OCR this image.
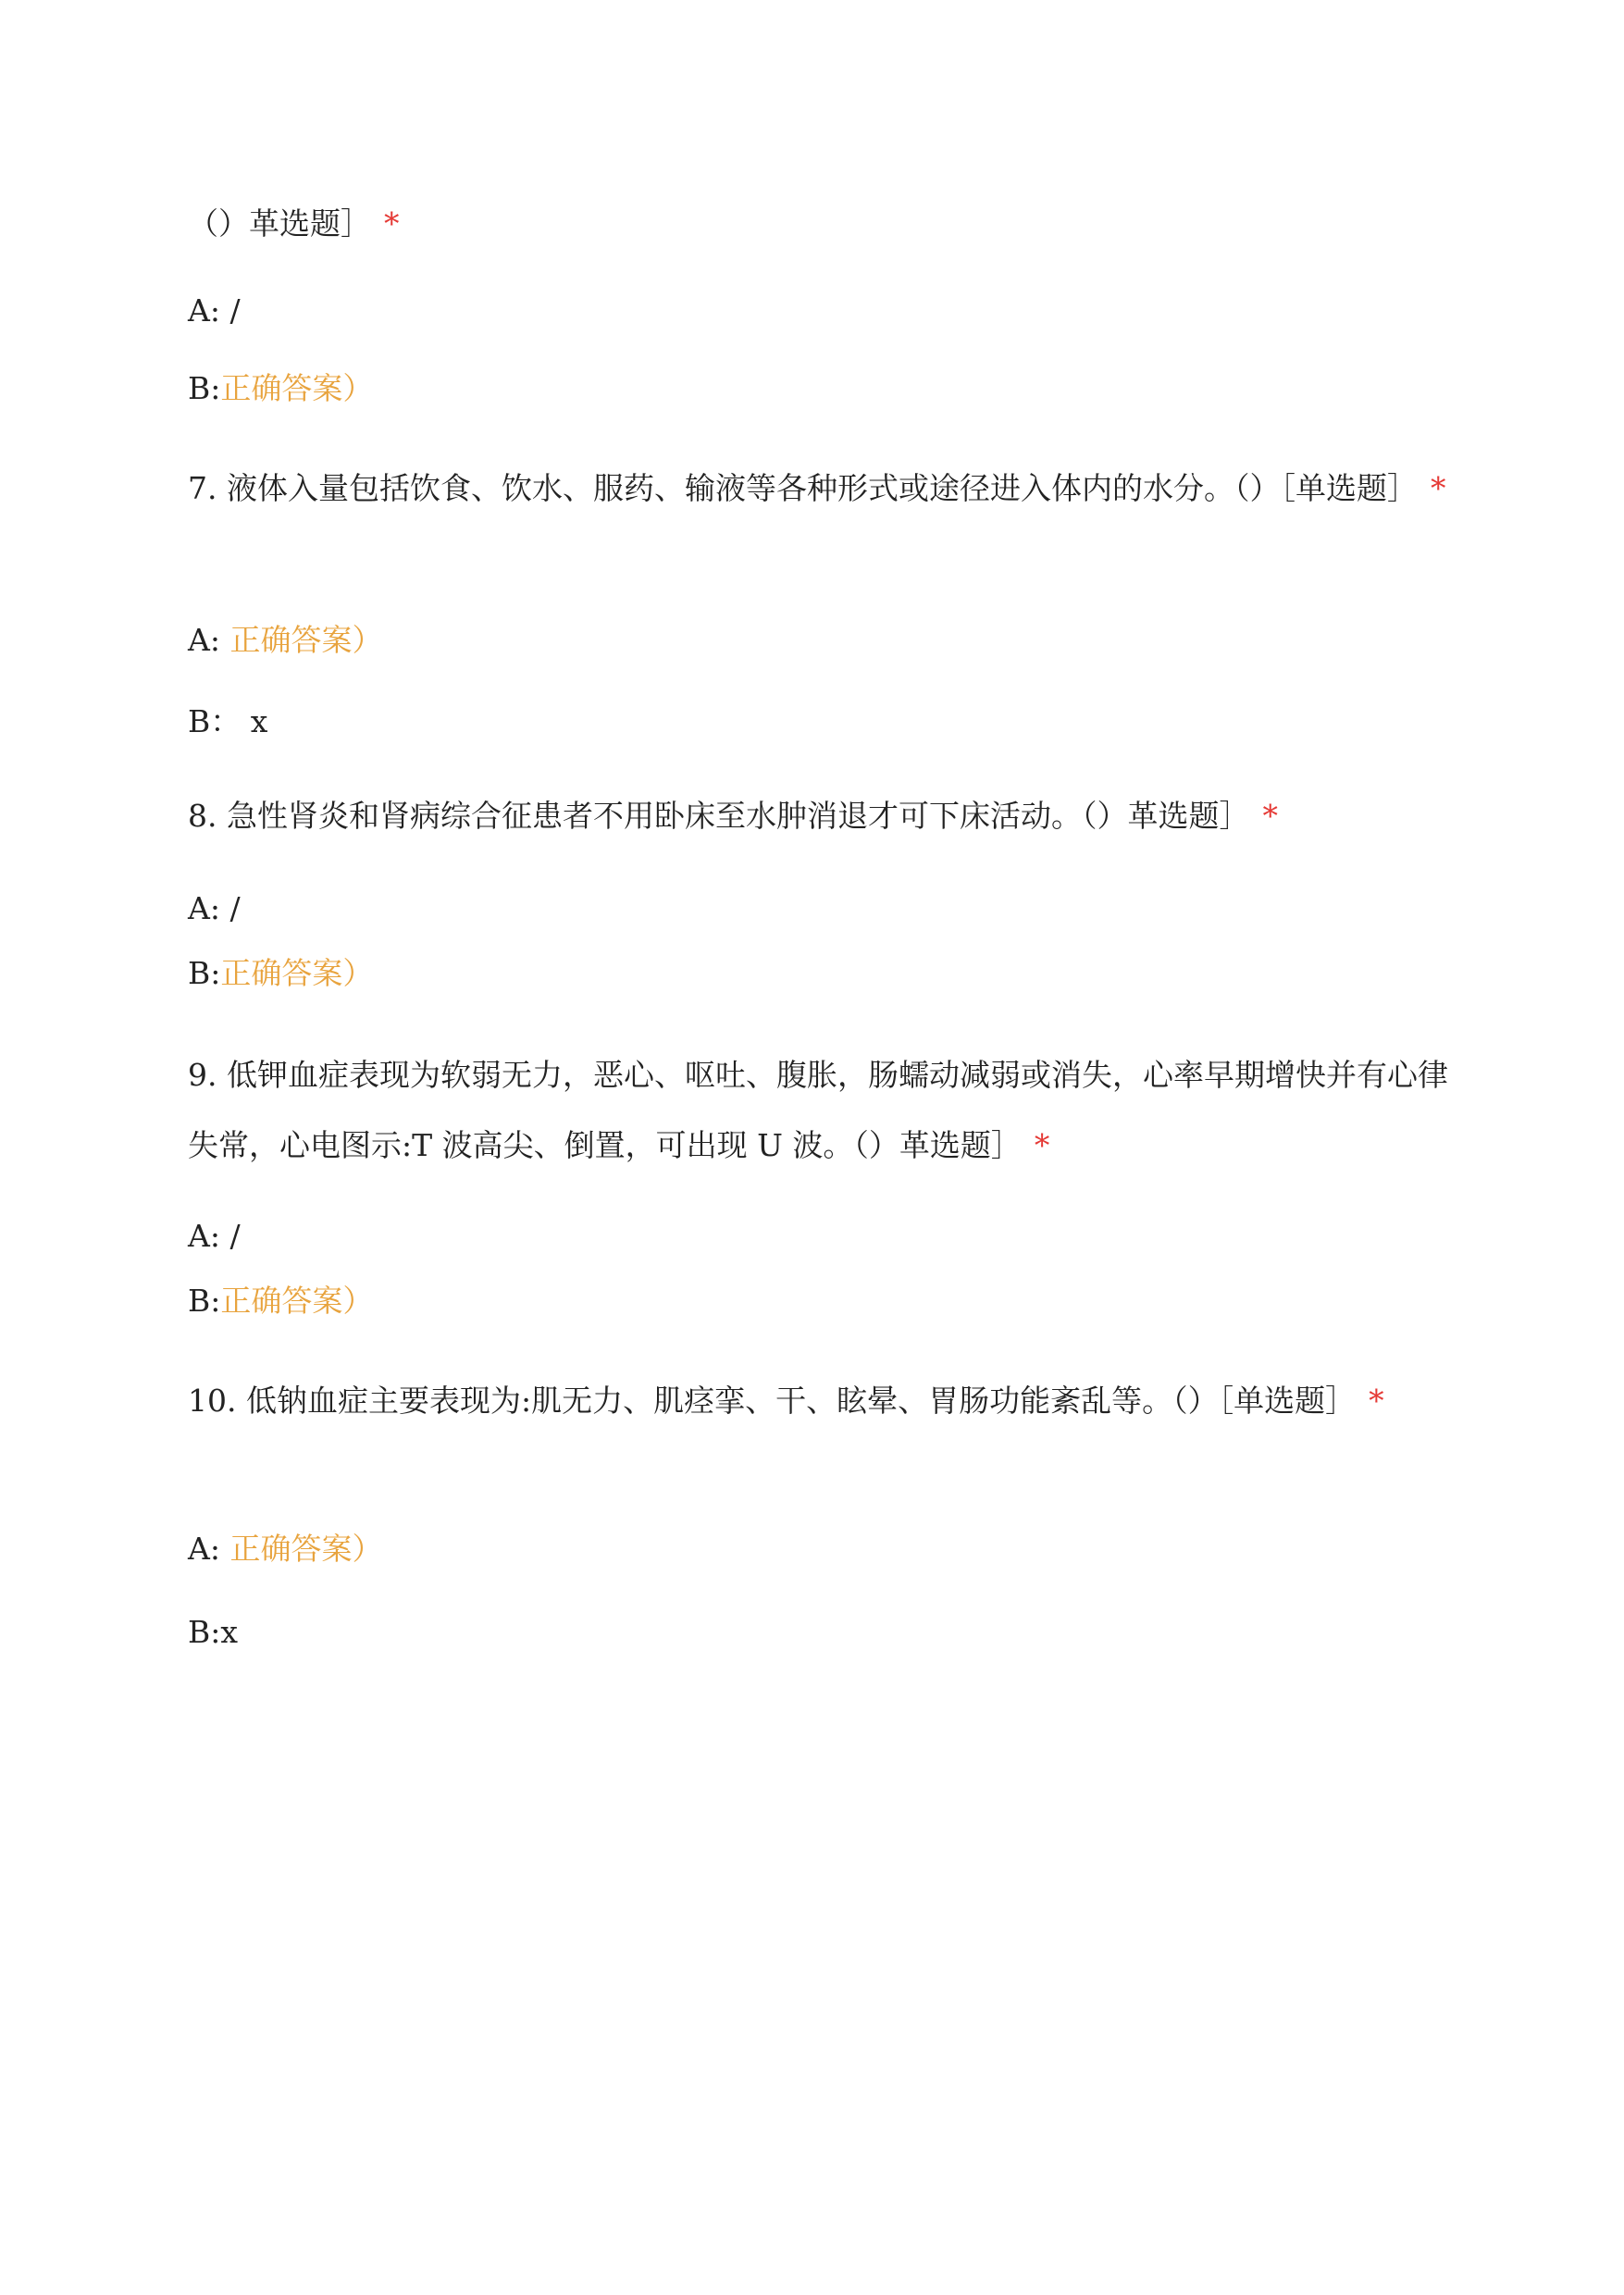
（）革选题］ *
A: /
B:正确答案）
7. 液体入量包括饮食、饮水、服药、输液等各种形式或途径进入体内的水分。（）［单选题］ *
A: 正确答案）
B： x
8. 急性肾炎和肾病综合征患者不用卧床至水肿消退才可下床活动。（）革选题］ *
A: /
B:正确答案）
9. 低钾血症表现为软弱无力，恶心、呕吐、腹胀，肠蠕动减弱或消失，心率早期增快并有心律失常，心电图示:T 波高尖、倒置，可出现 U 波。（）革选题］ *
A: /
B:正确答案）
10. 低钠血症主要表现为:肌无力、肌痉挛、干、眩晕、胃肠功能紊乱等。（）［单选题］ *
A: 正确答案）
B:x
